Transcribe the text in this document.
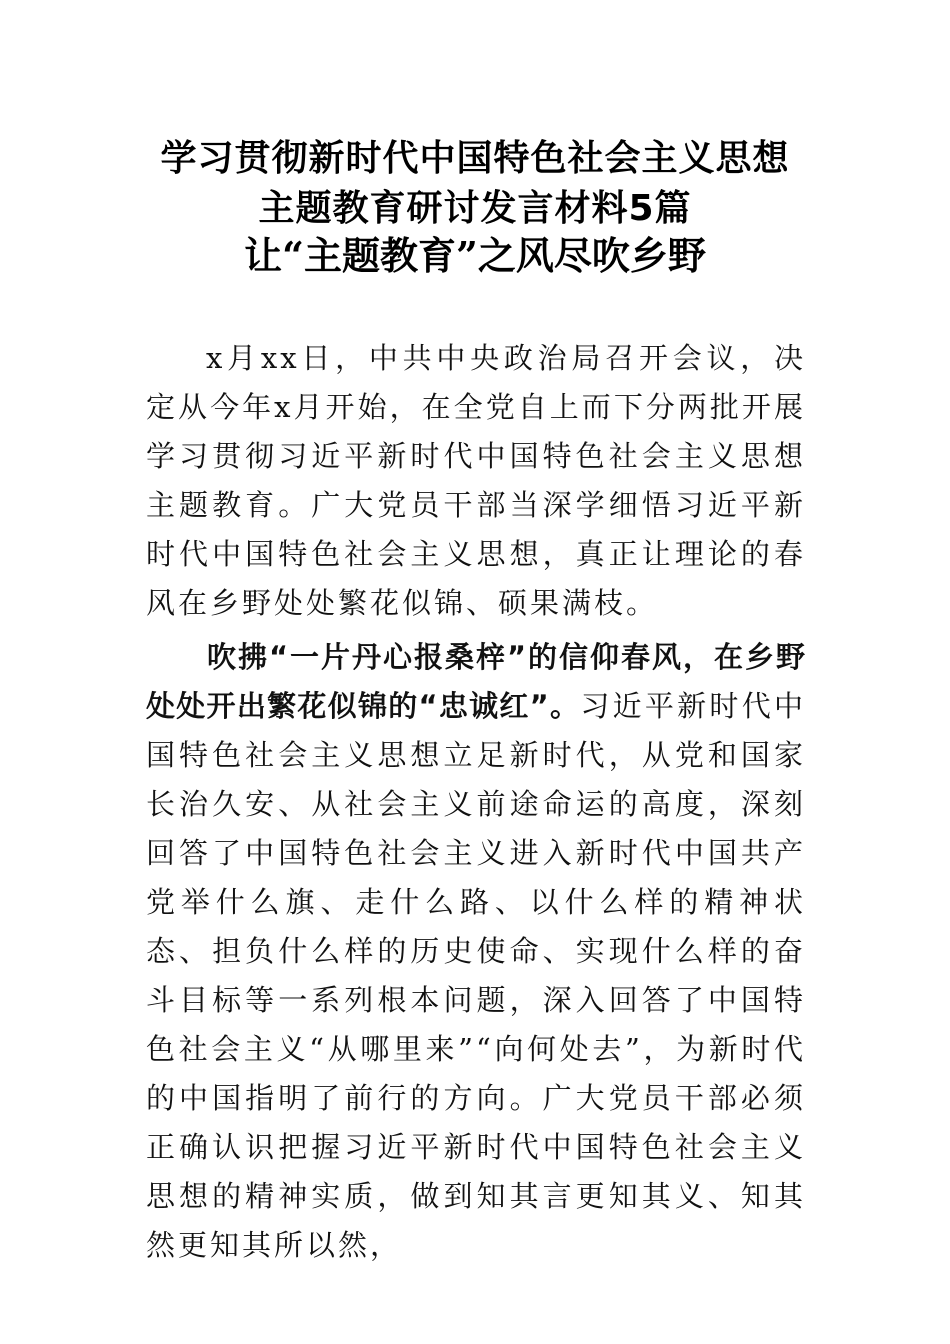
学习贯彻新时代中国特色社会主义思想
主题教育研讨发言材料5篇
让“主题教育”之风尽吹乡野

x月xx日，中共中央政治局召开会议，决定从今年x月开始，在全党自上而下分两批开展学习贯彻习近平新时代中国特色社会主义思想主题教育。广大党员干部当深学细悟习近平新时代中国特色社会主义思想，真正让理论的春风在乡野处处繁花似锦、硕果满枝。

吹拂“一片丹心报桑梓”的信仰春风，在乡野处处开出繁花似锦的“忠诚红”。习近平新时代中国特色社会主义思想立足新时代，从党和国家长治久安、从社会主义前途命运的高度，深刻回答了中国特色社会主义进入新时代中国共产党举什么旗、走什么路、以什么样的精神状态、担负什么样的历史使命、实现什么样的奋斗目标等一系列根本问题，深入回答了中国特色社会主义“从哪里来”“向何处去”，为新时代的中国指明了前行的方向。广大党员干部必须正确认识把握习近平新时代中国特色社会主义思想的精神实质，做到知其言更知其义、知其然更知其所以然，
